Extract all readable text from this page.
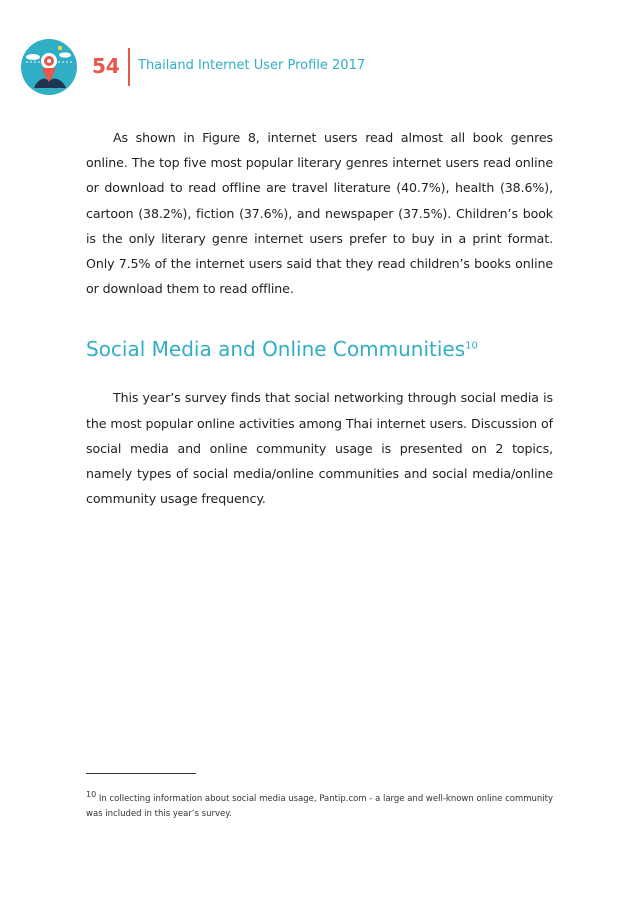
54 Thailand Internet User Profile 2017

As shown in Figure 8, internet users read almost all book genres online. The top five most popular literary genres internet users read online or download to read offline are travel literature (40.7%), health (38.6%), cartoon (38.2%), fiction (37.6%), and newspaper (37.5%). Children’s book is the only literary genre internet users prefer to buy in a print format. Only 7.5% of the internet users said that they read children’s books online or download them to read offline.

Social Media and Online Communities$^{10}$

This year’s survey finds that social networking through social media is the most popular online activities among Thai internet users. Discussion of social media and online community usage is presented on 2 topics, namely types of social media/online communities and social media/online community usage frequency.

$^{10}$ In collecting information about social media usage, Pantip.com - a large and well-known online community was included in this year’s survey.
